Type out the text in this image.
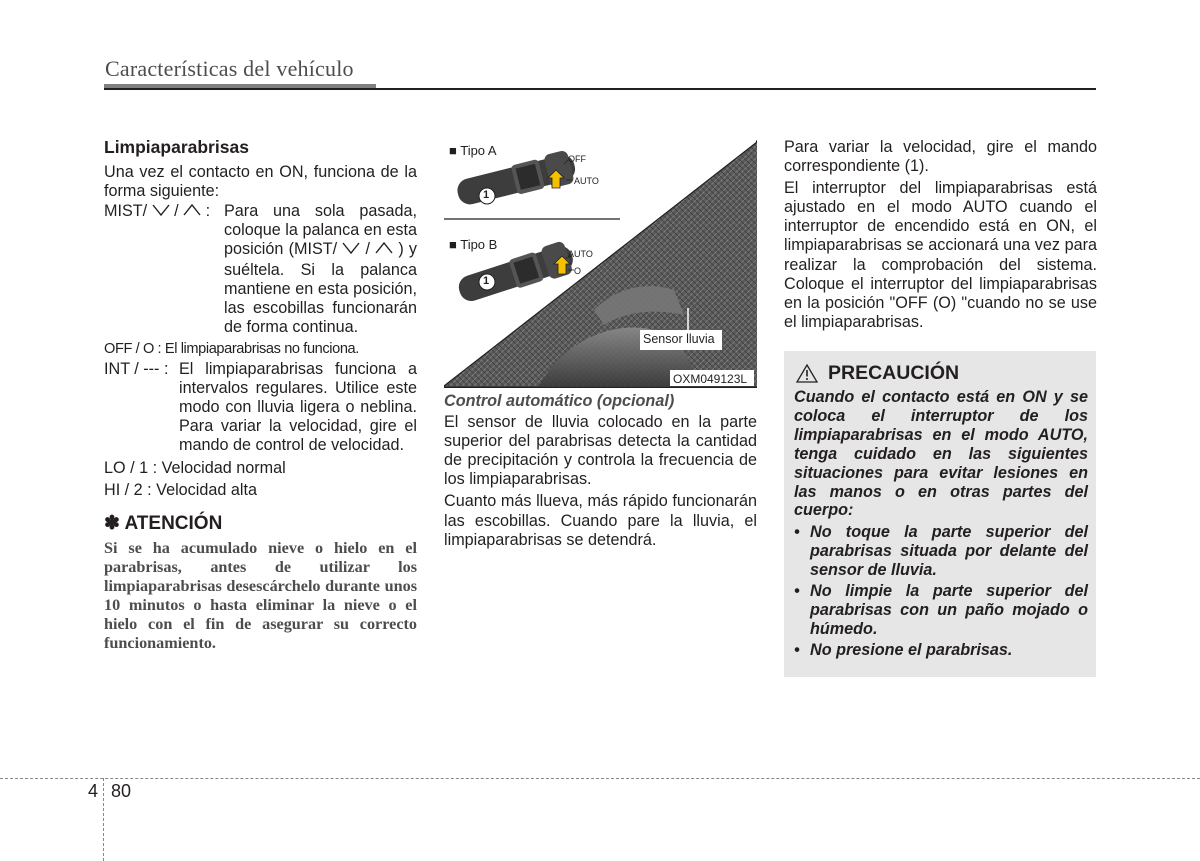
Características del vehículo

Limpiaparabrisas

Una vez el contacto en ON, funciona de la forma siguiente:

MIST/  /  : Para una sola pasada, coloque la palanca en esta posición (MIST/  /  ) y suéltela. Si la palanca mantiene en esta posición, las escobillas funcionarán de forma continua.

OFF / O : El limpiaparabrisas no funciona.

INT / --- : El limpiaparabrisas funciona a intervalos regulares. Utilice este modo con lluvia ligera o neblina. Para variar la velocidad, gire el mando de control de velocidad.

LO / 1 : Velocidad normal

HI / 2 : Velocidad alta

✽ ATENCIÓN

Si se ha acumulado nieve o hielo en el parabrisas, antes de utilizar los limpiaparabrisas desescárchelo durante unos 10 minutos o hasta eliminar la nieve o el hielo con el fin de asegurar su correcto funcionamiento.

■ Tipo A
■ Tipo B
OFF
AUTO
AUTO
O
1
1
Sensor lluvia
OXM049123L

Control automático (opcional)

El sensor de lluvia colocado en la parte superior del parabrisas detecta la cantidad de precipitación y controla la frecuencia de los limpiaparabrisas.

Cuanto más llueva, más rápido funcionarán las escobillas. Cuando pare la lluvia, el limpiaparabrisas se detendrá.

Para variar la velocidad, gire el mando correspondiente (1).

El interruptor del limpiaparabrisas está ajustado en el modo AUTO cuando el interruptor de encendido está en ON, el limpiaparabrisas se accionará una vez para realizar la comprobación del sistema. Coloque el interruptor del limpiaparabrisas en la posición "OFF (O) "cuando no se use el limpiaparabrisas.

PRECAUCIÓN

Cuando el contacto está en ON y se coloca el interruptor de los limpiaparabrisas en el modo AUTO, tenga cuidado en las siguientes situaciones para evitar lesiones en las manos o en otras partes del cuerpo:

• No toque la parte superior del parabrisas situada por delante del sensor de lluvia.
• No limpie la parte superior del parabrisas con un paño mojado o húmedo.
• No presione el parabrisas.
4 80
